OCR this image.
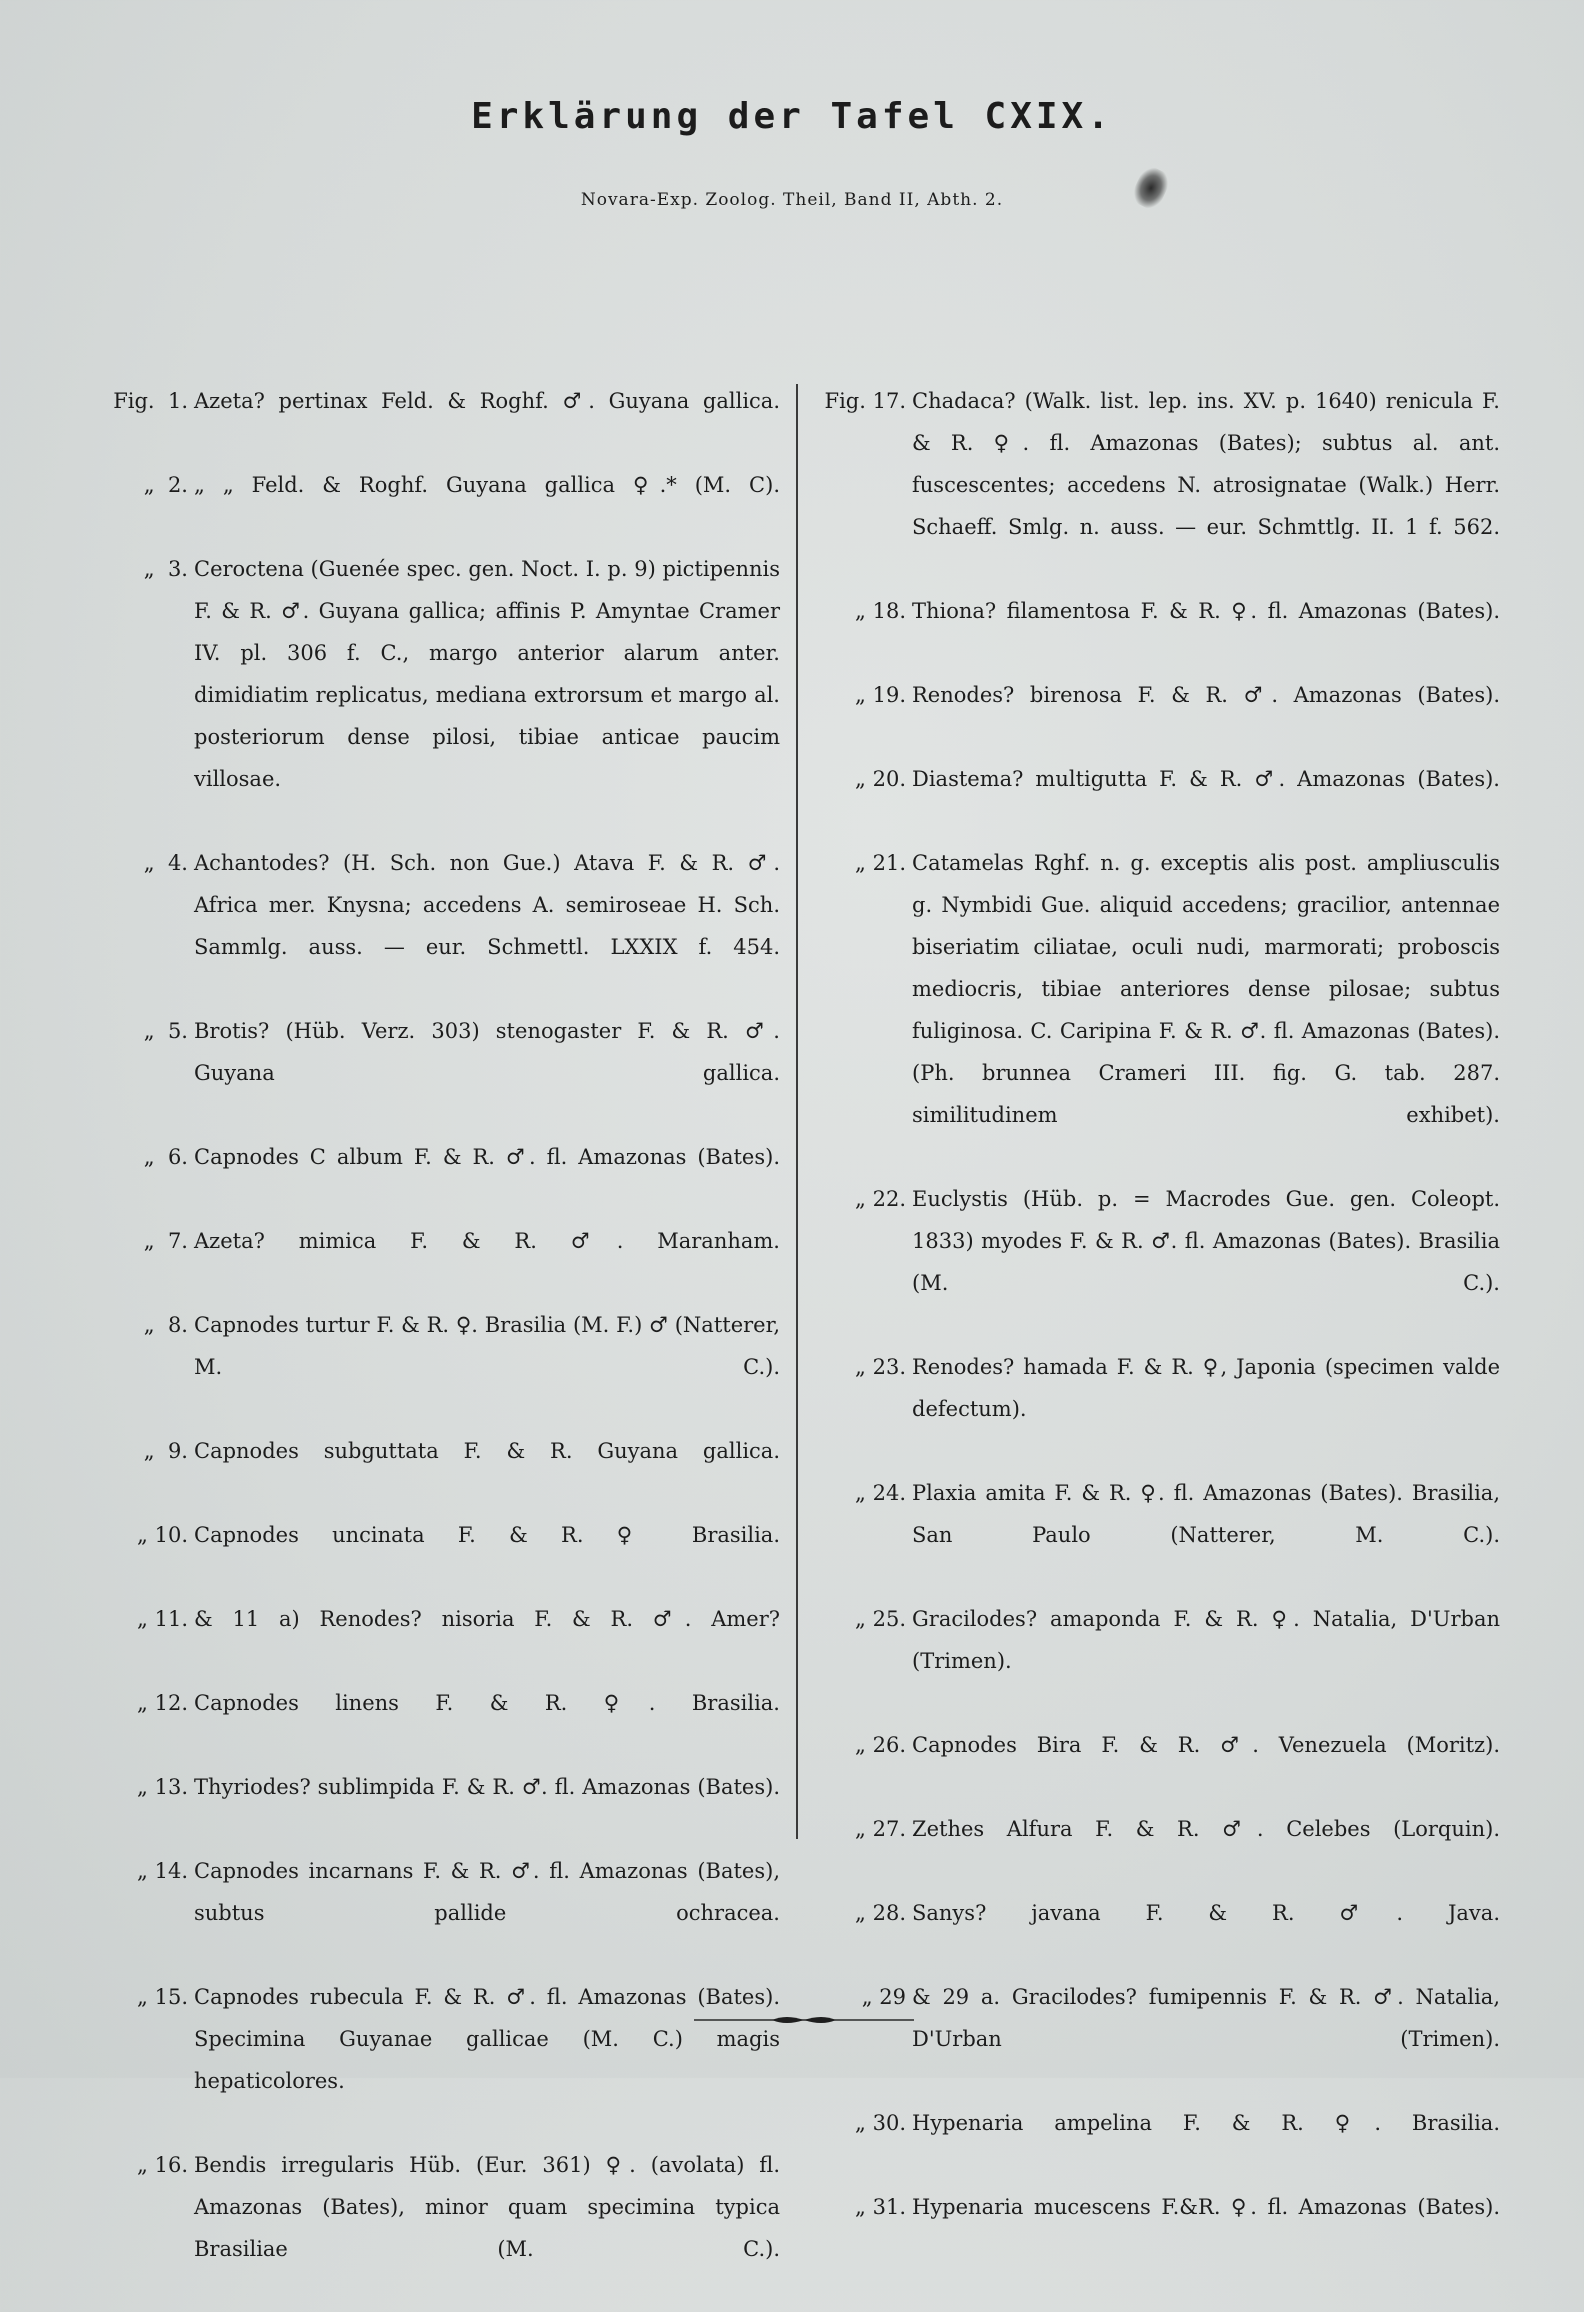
Erklärung der Tafel CXIX.
Novara-Exp. Zoolog. Theil, Band II, Abth. 2.
Fig.  1. Azeta? pertinax Feld. & Roghf. ♂. Guyana gallica.
„  2. „ „ Feld. & Roghf. Guyana gallica ♀.* (M. C).
„  3. Ceroctena (Guenée spec. gen. Noct. I. p. 9) pictipennis F. & R. ♂. Guyana gallica; affinis P. Amyntae Cramer IV. pl. 306 f. C., margo anterior alarum anter. dimidiatim replicatus, mediana extrorsum et margo al. posteriorum dense pilosi, tibiae anticae paucim villosae.
„  4. Achantodes? (H. Sch. non Gue.) Atava F. & R. ♂. Africa mer. Knysna; accedens A. semiroseae H. Sch. Sammlg. auss. — eur. Schmettl. LXXIX f. 454.
„  5. Brotis? (Hüb. Verz. 303) stenogaster F. & R. ♂. Guyana gallica.
„  6. Capnodes C album F. & R. ♂. fl. Amazonas (Bates).
„  7. Azeta? mimica F. & R. ♂. Maranham.
„  8. Capnodes turtur F. & R. ♀. Brasilia (M. F.) ♂ (Natterer, M. C.).
„  9. Capnodes subguttata F. & R. Guyana gallica.
„ 10. Capnodes uncinata F. & R. ♀ Brasilia.
„ 11. & 11 a) Renodes? nisoria F. & R. ♂. Amer?
„ 12. Capnodes linens F. & R. ♀. Brasilia.
„ 13. Thyriodes? sublimpida F. & R. ♂. fl. Amazonas (Bates).
„ 14. Capnodes incarnans F. & R. ♂. fl. Amazonas (Bates), subtus pallide ochracea.
„ 15. Capnodes rubecula F. & R. ♂. fl. Amazonas (Bates). Specimina Guyanae gallicae (M. C.) magis hepaticolores.
„ 16. Bendis irregularis Hüb. (Eur. 361) ♀. (avolata) fl. Amazonas (Bates), minor quam specimina typica Brasiliae (M. C.).
Fig. 17. Chadaca? (Walk. list. lep. ins. XV. p. 1640) reniculа F. & R. ♀. fl. Amazonas (Bates); subtus al. ant. fuscescentes; accedens N. atrosignatae (Walk.) Herr. Schaeff. Smlg. n. auss. — eur. Schmttlg. II. 1 f. 562.
„ 18. Thiona? filamentosa F. & R. ♀. fl. Amazonas (Bates).
„ 19. Renodes? birenosa F. & R. ♂. Amazonas (Bates).
„ 20. Diastema? multigutta F. & R. ♂. Amazonas (Bates).
„ 21. Catamelas Rghf. n. g. exceptis alis post. ampliusculis g. Nymbidi Gue. aliquid accedens; gracilior, antennae biseriatim ciliatae, oculi nudi, marmorati; proboscis mediocris, tibiae anteriores dense pilosae; subtus fuliginosa. C. Caripina F. & R. ♂. fl. Amazonas (Bates). (Ph. brunnea Crameri III. fig. G. tab. 287. similitudinem exhibet).
„ 22. Euclystis (Hüb. p. = Macrodes Gue. gen. Coleopt. 1833) myodes F. & R. ♂. fl. Amazonas (Bates). Brasilia (M. C.).
„ 23. Renodes? hamada F. & R. ♀, Japonia (specimen valde defectum).
„ 24. Plaxia amita F. & R. ♀. fl. Amazonas (Bates). Brasilia, San Paulo (Natterer, M. C.).
„ 25. Gracilodes? amaponda F. & R. ♀. Natalia, D'Urban (Trimen).
„ 26. Capnodes Bira F. & R. ♂. Venezuela (Moritz).
„ 27. Zethes Alfura F. & R. ♂. Celebes (Lorquin).
„ 28. Sanys? javana F. & R. ♂. Java.
„ 29 & 29 a. Gracilodes? fumipennis F. & R. ♂. Natalia, D'Urban (Trimen).
„ 30. Hypenaria ampelina F. & R. ♀. Brasilia.
„ 31. Hypenaria mucescens F.&R. ♀. fl. Amazonas (Bates).
